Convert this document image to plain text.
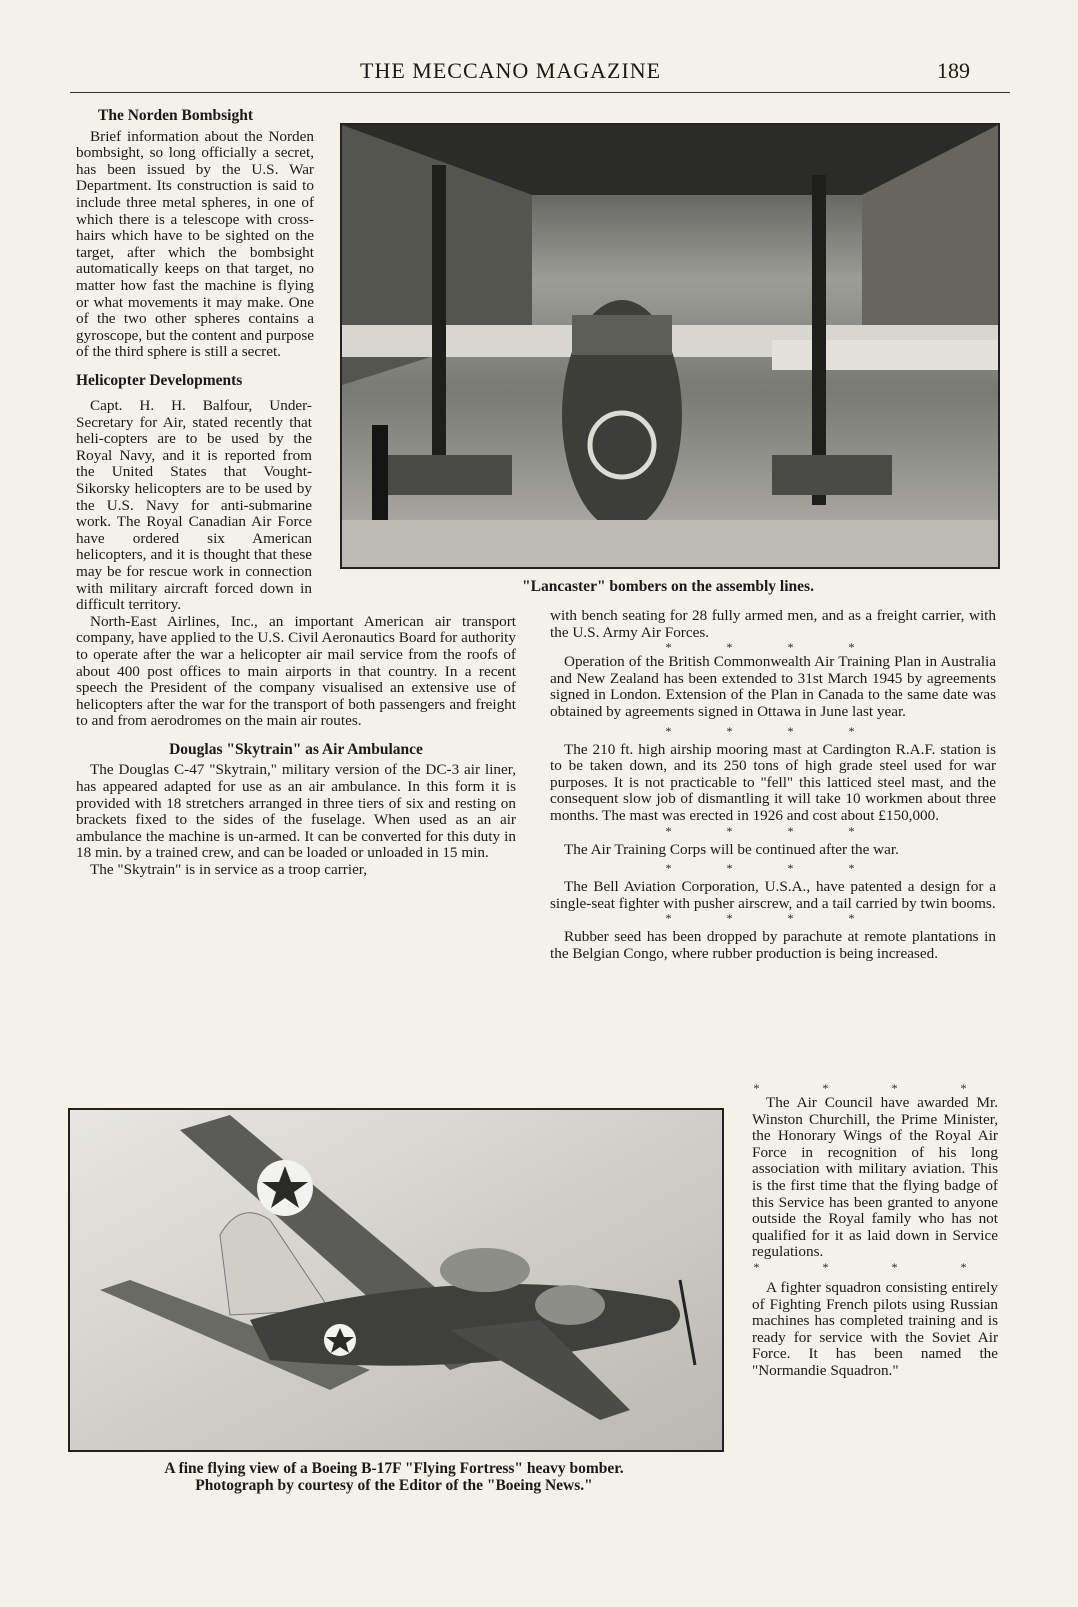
THE MECCANO MAGAZINE	189
The Norden Bombsight

Brief information about the Norden bombsight, so long officially a secret, has been issued by the U.S. War Department. Its construction is said to include three metal spheres, in one of which there is a telescope with cross-hairs which have to be sighted on the target, after which the bombsight automatically keeps on that target, no matter how fast the machine is flying or what movements it may make. One of the two other spheres contains a gyroscope, but the content and purpose of the third sphere is still a secret.

Helicopter Developments
"Lancaster" bombers on the assembly lines.

Capt. H. H. Balfour, Under-Secretary for Air, stated recently that heli-copters are to be used by the Royal Navy, and it is reported from the United States that Vought-Sikorsky helicopters are to be used by the U.S. Navy for anti-submarine work. The Royal Canadian Air Force have ordered six American helicopters, and it is thought that these may be for rescue work in connection with military aircraft forced down in difficult territory.

North-East Airlines, Inc., an important American air transport company, have applied to the U.S. Civil Aeronautics Board for authority to operate after the war a helicopter air mail service from the roofs of about 400 post offices to main airports in that country. In a recent speech the President of the company visualised an extensive use of helicopters after the war for the transport of both passengers and freight to and from aerodromes on the main air routes.

Douglas "Skytrain" as Air Ambulance

The Douglas C-47 "Skytrain," military version of the DC-3 air liner, has appeared adapted for use as an air ambulance. In this form it is provided with 18 stretchers arranged in three tiers of six and resting on brackets fixed to the sides of the fuselage. When used as an air ambulance the machine is un-armed. It can be converted for this duty in 18 min. by a trained crew, and can be loaded or unloaded in 15 min.

The "Skytrain" is in service as a troop carrier,

with bench seating for 28 fully armed men, and as a freight carrier, with the U.S. Army Air Forces.

* * * *

Operation of the British Commonwealth Air Training Plan in Australia and New Zealand has been extended to 31st March 1945 by agreements signed in London. Extension of the Plan in Canada to the same date was obtained by agreements signed in Ottawa in June last year.

* * * *

The 210 ft. high airship mooring mast at Cardington R.A.F. station is to be taken down, and its 250 tons of high grade steel used for war purposes. It is not practicable to "fell" this latticed steel mast, and the consequent slow job of dismantling it will take 10 workmen about three months. The mast was erected in 1926 and cost about £150,000.

* * * *

The Air Training Corps will be continued after the war.

* * * *

The Bell Aviation Corporation, U.S.A., have patented a design for a single-seat fighter with pusher airscrew, and a tail carried by twin booms.

* * * *

Rubber seed has been dropped by parachute at remote plantations in the Belgian Congo, where rubber production is being increased.

A fine flying view of a Boeing B-17F "Flying Fortress" heavy bomber.
Photograph by courtesy of the Editor of the "Boeing News."
* * * *

The Air Council have awarded Mr. Winston Churchill, the Prime Minister, the Honorary Wings of the Royal Air Force in recognition of his long association with military aviation. This is the first time that the flying badge of this Service has been granted to anyone outside the Royal family who has not qualified for it as laid down in Service regulations.

* * * *

A fighter squadron consisting entirely of Fighting French pilots using Russian machines has completed training and is ready for service with the Soviet Air Force. It has been named the "Normandie Squadron."
